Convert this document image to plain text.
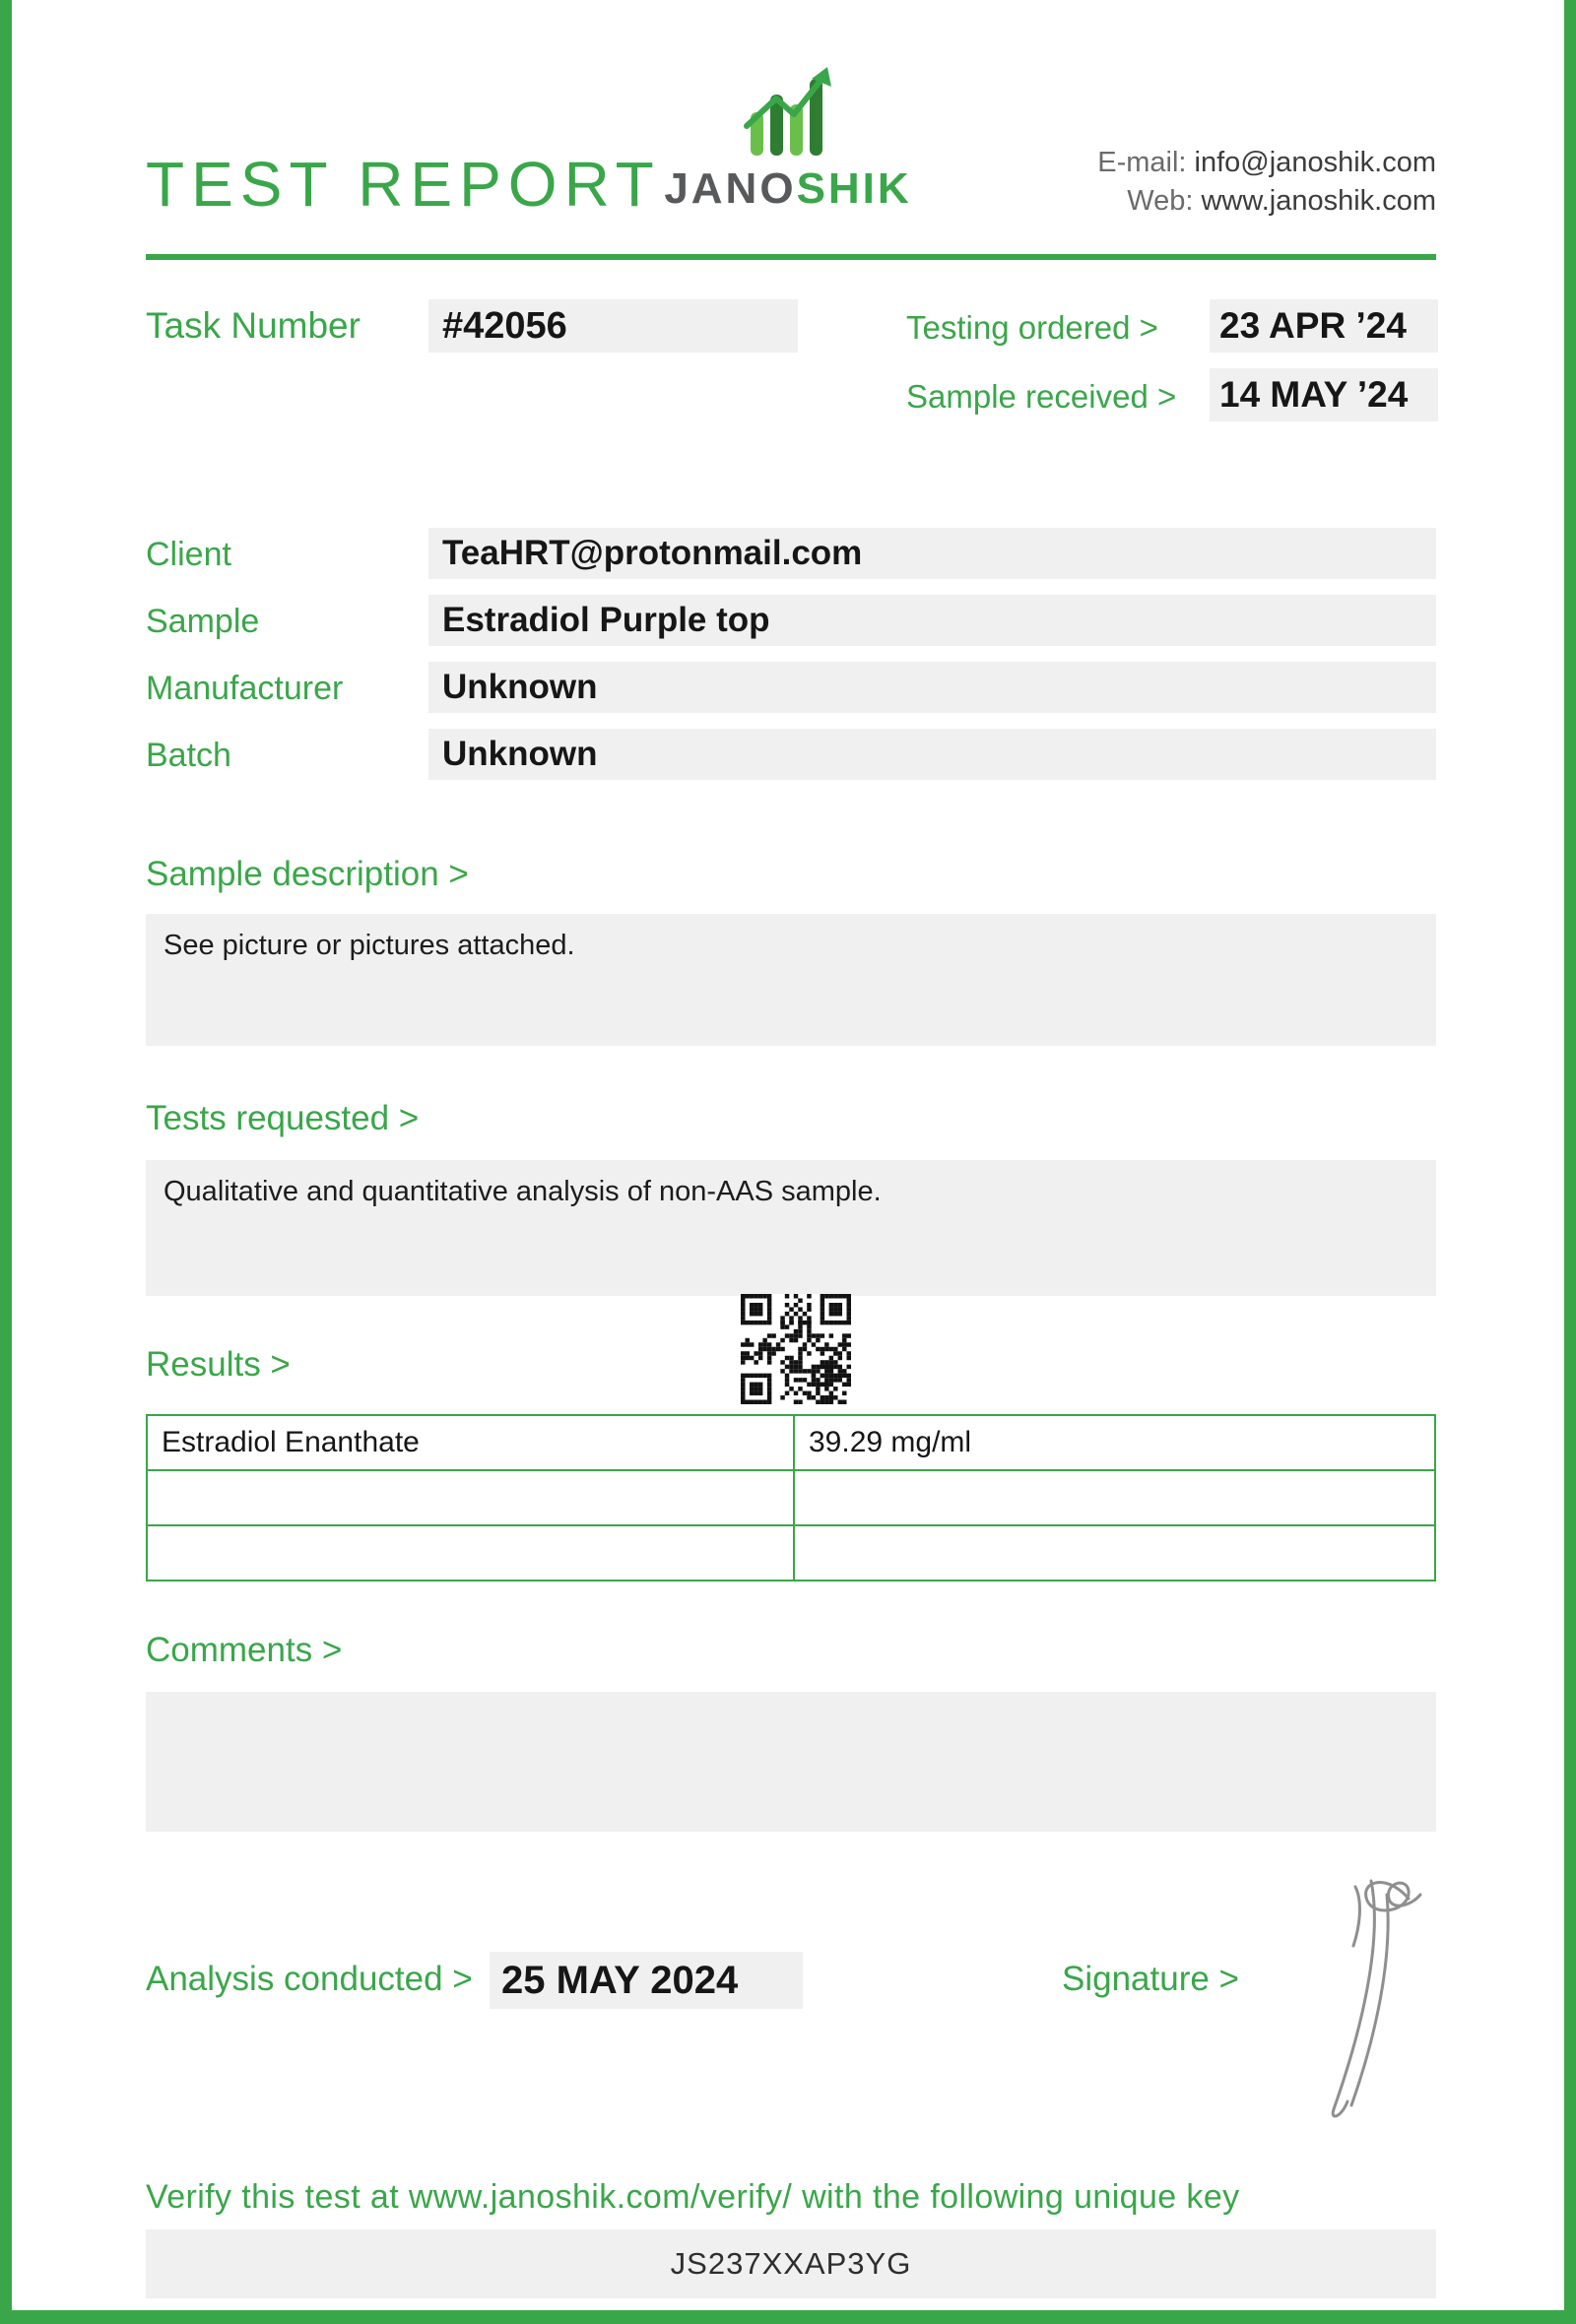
TEST REPORT JANOSHIK
E-mail: info@janoshik.com
Web: www.janoshik.com
Task Number	#42056	Testing ordered > 23 APR ’24
Sample received > 14 MAY ’24
Client	TeaHRT@protonmail.com
Sample	Estradiol Purple top
Manufacturer	Unknown
Batch	Unknown
Sample description >
See picture or pictures attached.
Tests requested >
Qualitative and quantitative analysis of non-AAS sample.
Results >
Estradiol Enanthate	39.29 mg/ml

Comments >
Analysis conducted > 25 MAY 2024	Signature >
Verify this test at www.janoshik.com/verify/ with the following unique key
JS237XXAP3YG
